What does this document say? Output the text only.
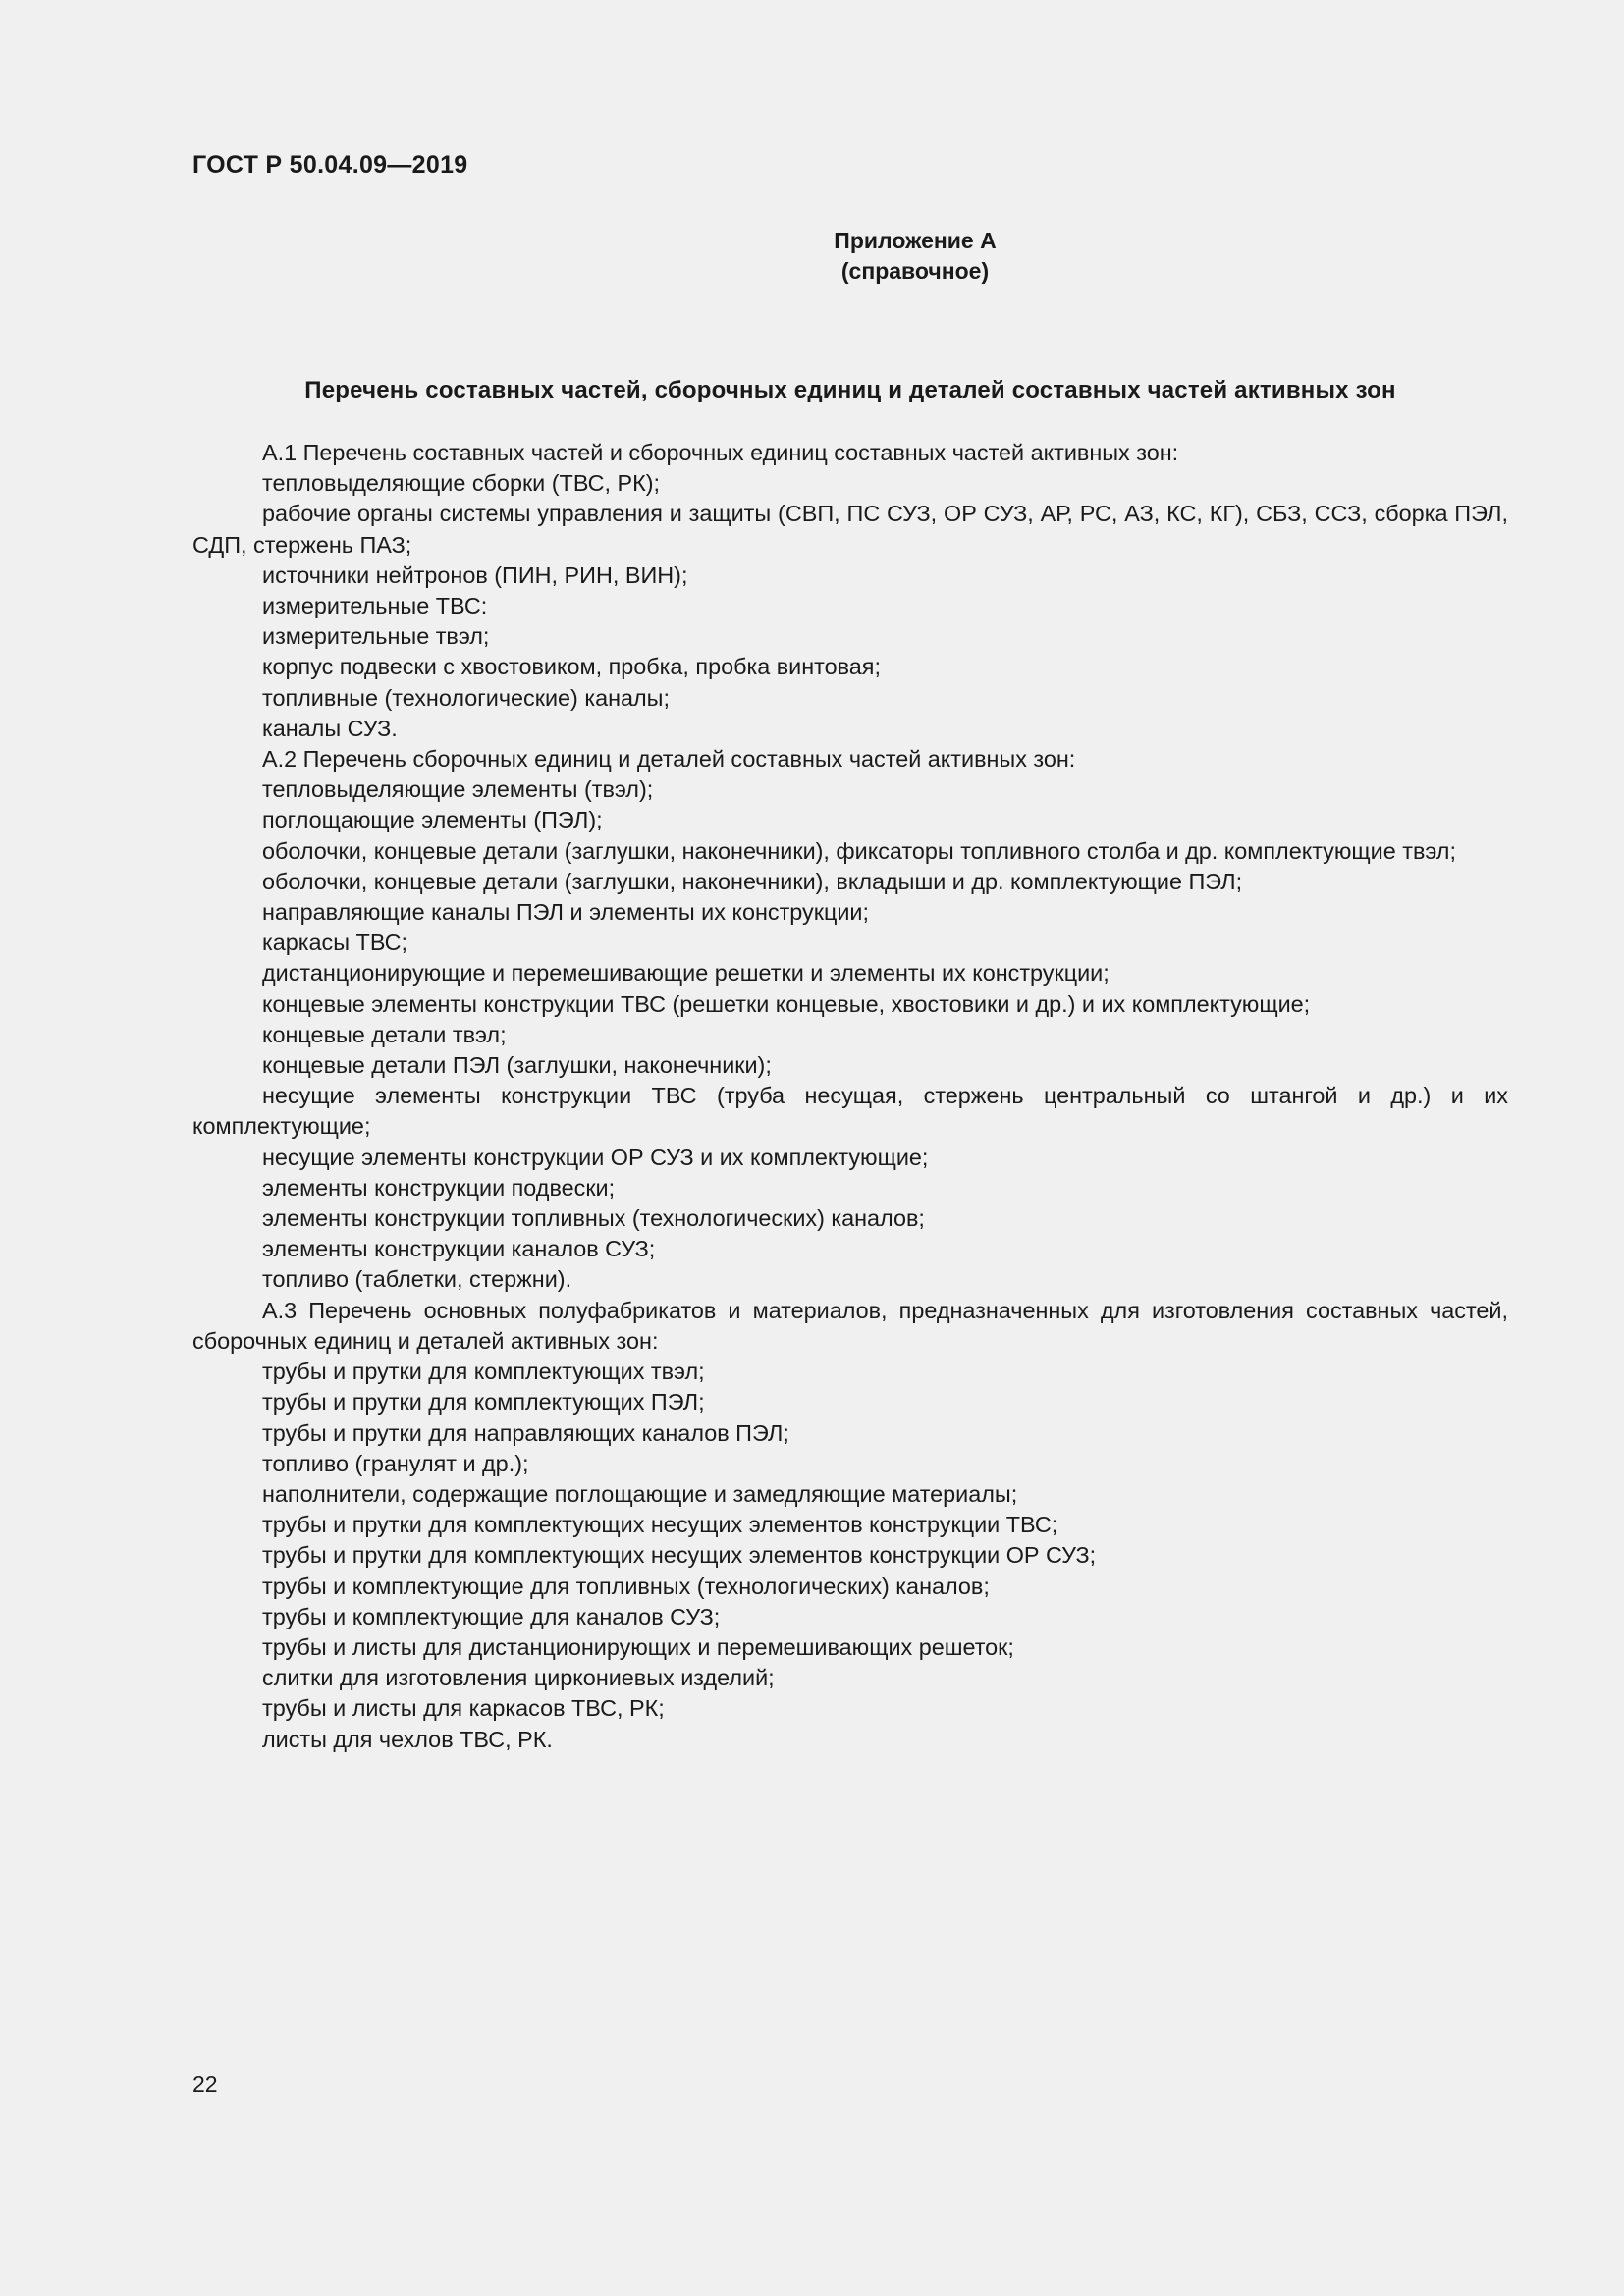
ГОСТ Р 50.04.09—2019
Приложение А
(справочное)
Перечень составных частей, сборочных единиц и деталей составных частей активных зон
А.1 Перечень составных частей и сборочных единиц составных частей активных зон:
тепловыделяющие сборки (ТВС, РК);
рабочие органы системы управления и защиты (СВП, ПС СУЗ, ОР СУЗ, АР, РС, АЗ, КС, КГ), СБЗ, ССЗ, сборка ПЭЛ, СДП, стержень ПАЗ;
источники нейтронов (ПИН, РИН, ВИН);
измерительные ТВС:
измерительные твэл;
корпус подвески с хвостовиком, пробка, пробка винтовая;
топливные (технологические) каналы;
каналы СУЗ.
А.2 Перечень сборочных единиц и деталей составных частей активных зон:
тепловыделяющие элементы (твэл);
поглощающие элементы (ПЭЛ);
оболочки, концевые детали (заглушки, наконечники), фиксаторы топливного столба и др. комплектующие твэл;
оболочки, концевые детали (заглушки, наконечники), вкладыши и др. комплектующие ПЭЛ;
направляющие каналы ПЭЛ и элементы их конструкции;
каркасы ТВС;
дистанционирующие и перемешивающие решетки и элементы их конструкции;
концевые элементы конструкции ТВС (решетки концевые, хвостовики и др.) и их комплектующие;
концевые детали твэл;
концевые детали ПЭЛ (заглушки, наконечники);
несущие элементы конструкции ТВС (труба несущая, стержень центральный со штангой и др.) и их комплектующие;
несущие элементы конструкции ОР СУЗ и их комплектующие;
элементы конструкции подвески;
элементы конструкции топливных (технологических) каналов;
элементы конструкции каналов СУЗ;
топливо (таблетки, стержни).
А.3 Перечень основных полуфабрикатов и материалов, предназначенных для изготовления составных частей, сборочных единиц и деталей активных зон:
трубы и прутки для комплектующих твэл;
трубы и прутки для комплектующих ПЭЛ;
трубы и прутки для направляющих каналов ПЭЛ;
топливо (гранулят и др.);
наполнители, содержащие поглощающие и замедляющие материалы;
трубы и прутки для комплектующих несущих элементов конструкции ТВС;
трубы и прутки для комплектующих несущих элементов конструкции ОР СУЗ;
трубы и комплектующие для топливных (технологических) каналов;
трубы и комплектующие для каналов СУЗ;
трубы и листы для дистанционирующих и перемешивающих решеток;
слитки для изготовления циркониевых изделий;
трубы и листы для каркасов ТВС, РК;
листы для чехлов ТВС, РК.
22
